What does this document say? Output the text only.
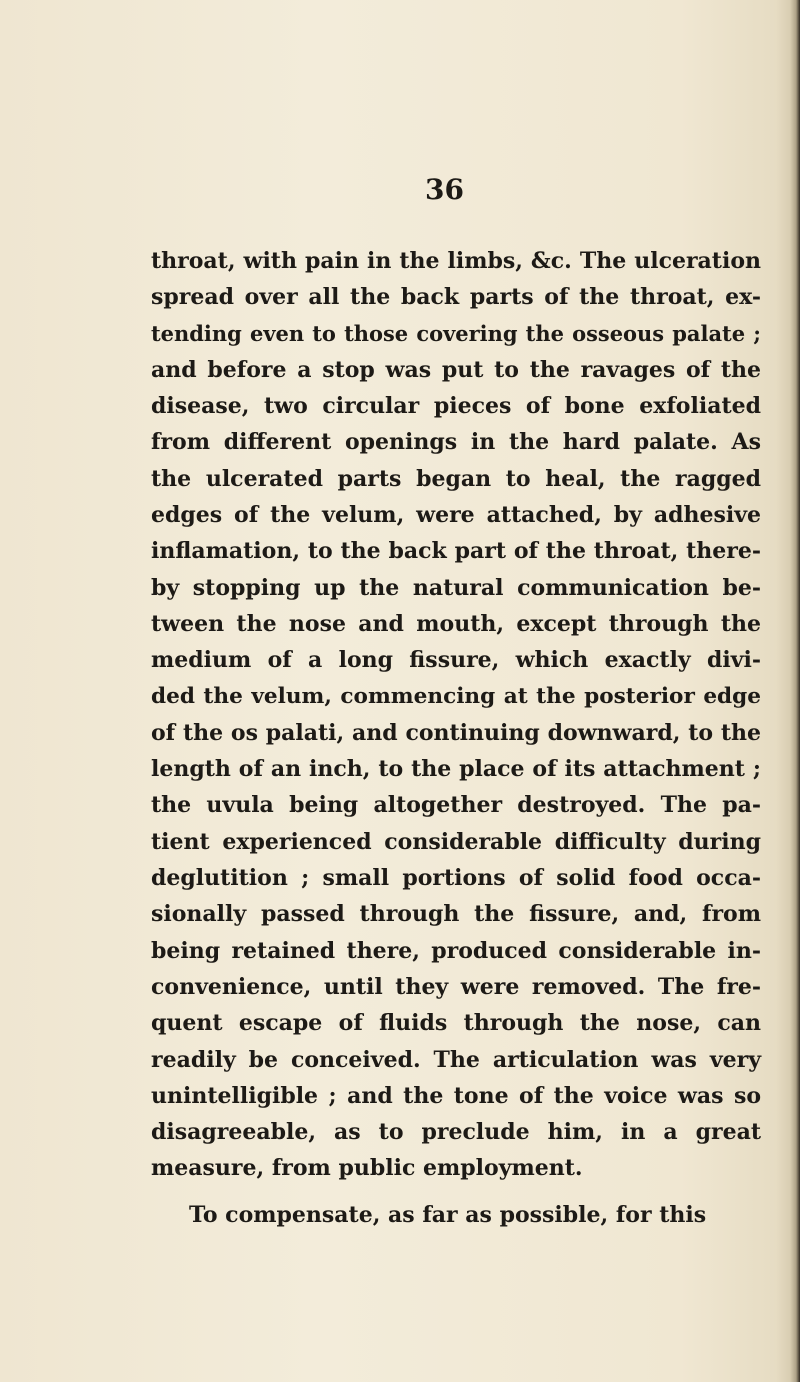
36
throat, with pain in the limbs, &c. The ulceration
spread over all the back parts of the throat, ex-
tending even to those covering the osseous palate ;
and before a stop was put to the ravages of the
disease, two circular pieces of bone exfoliated
from different openings in the hard palate. As
the ulcerated parts began to heal, the ragged
edges of the velum, were attached, by adhesive
inflamation, to the back part of the throat, there-
by stopping up the natural communication be-
tween the nose and mouth, except through the
medium of a long fissure, which exactly divi-
ded the velum, commencing at the posterior edge
of the os palati, and continuing downward, to the
length of an inch, to the place of its attachment ;
the uvula being altogether destroyed. The pa-
tient experienced considerable difficulty during
deglutition ; small portions of solid food occa-
sionally passed through the fissure, and, from
being retained there, produced considerable in-
convenience, until they were removed. The fre-
quent escape of fluids through the nose, can
readily be conceived. The articulation was very
unintelligible ; and the tone of the voice was so
disagreeable, as to preclude him, in a great
measure, from public employment.
To compensate, as far as possible, for this
